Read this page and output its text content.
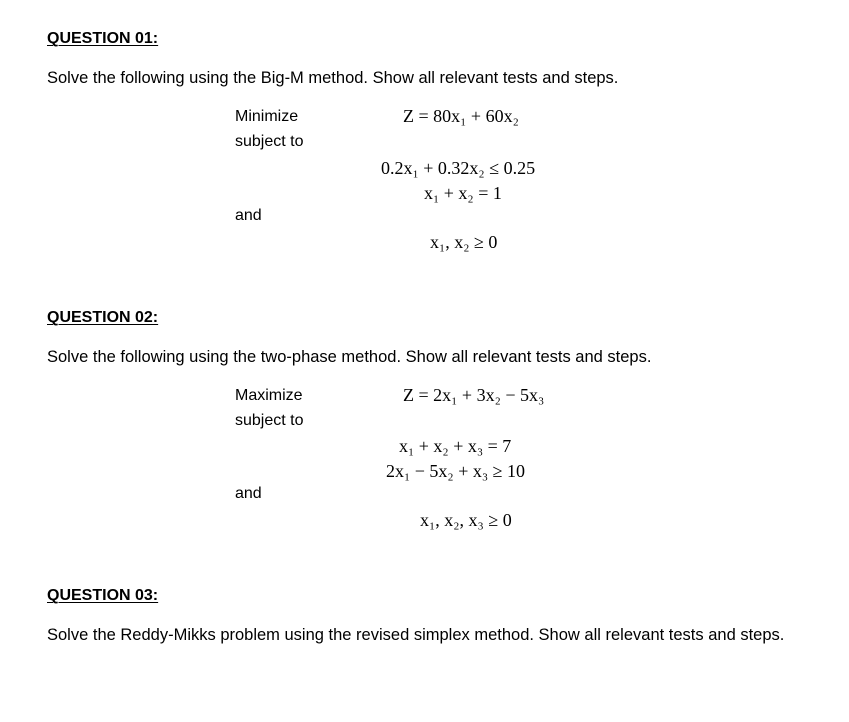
QUESTION 01:
Solve the following using the Big-M method. Show all relevant tests and steps.
Minimize	Z = 80x₁ + 60x₂
subject to
0.2x₁ + 0.32x₂ ≤ 0.25
x₁ + x₂ = 1
and
x₁, x₂ ≥ 0
QUESTION 02:
Solve the following using the two-phase method. Show all relevant tests and steps.
Maximize	Z = 2x₁ + 3x₂ − 5x₃
subject to
x₁ + x₂ + x₃ = 7
2x₁ − 5x₂ + x₃ ≥ 10
and
x₁, x₂, x₃ ≥ 0
QUESTION 03:
Solve the Reddy-Mikks problem using the revised simplex method. Show all relevant tests and steps.
